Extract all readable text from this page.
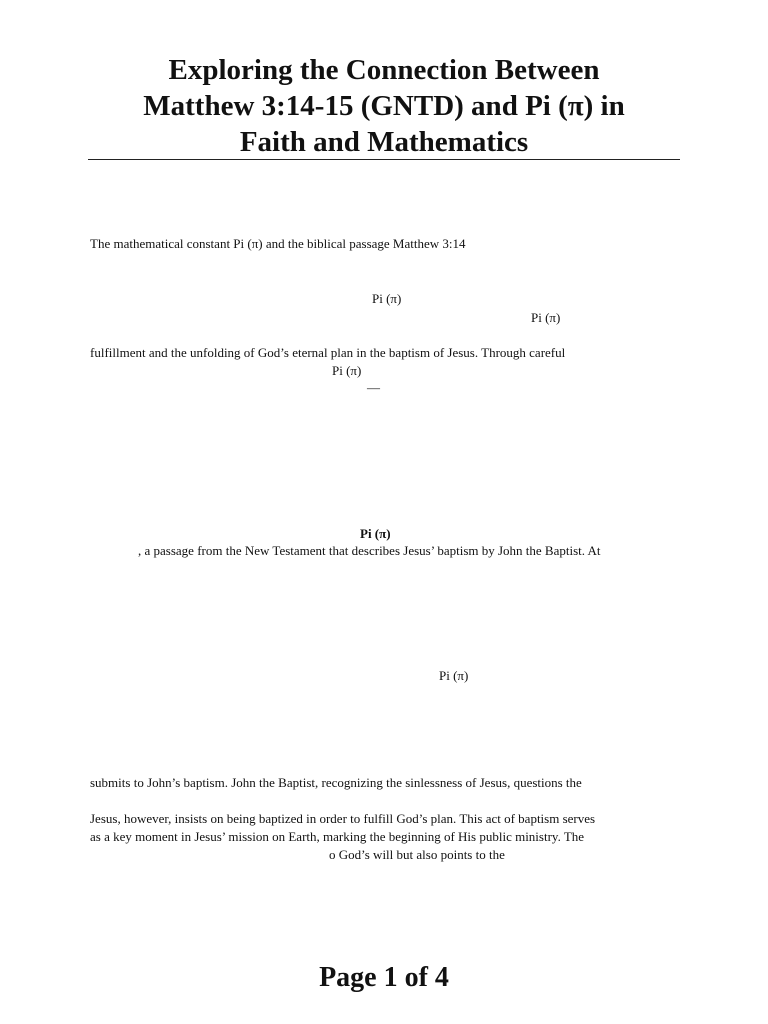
Exploring the Connection Between
Matthew 3:14-15 (GNTD) and Pi (π) in
Faith and Mathematics

The mathematical constant Pi (π) and the biblical passage Matthew 3:14

Pi (π)

Pi (π)

fulfillment and the unfolding of God’s eternal plan in the baptism of Jesus. Through careful

Pi (π)

—

Pi (π)

, a passage from the New Testament that describes Jesus’ baptism by John the Baptist. At

Pi (π)

submits to John’s baptism. John the Baptist, recognizing the sinlessness of Jesus, questions the

Jesus, however, insists on being baptized in order to fulfill God’s plan. This act of baptism serves

as a key moment in Jesus’ mission on Earth, marking the beginning of His public ministry. The

o God’s will but also points to the

Page 1 of 4
